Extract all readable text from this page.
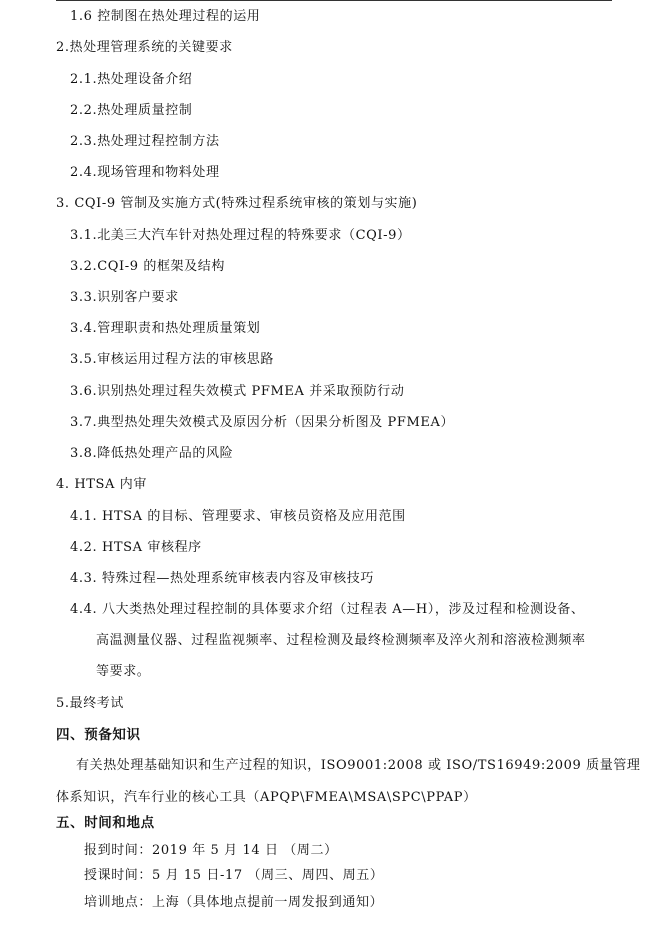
1.6 控制图在热处理过程的运用
2.热处理管理系统的关键要求
2.1.热处理设备介绍
2.2.热处理质量控制
2.3.热处理过程控制方法
2.4.现场管理和物料处理
3. CQI-9 管制及实施方式(特殊过程系统审核的策划与实施)
3.1.北美三大汽车针对热处理过程的特殊要求（CQI-9）
3.2.CQI-9 的框架及结构
3.3.识别客户要求
3.4.管理职责和热处理质量策划
3.5.审核运用过程方法的审核思路
3.6.识别热处理过程失效模式 PFMEA 并采取预防行动
3.7.典型热处理失效模式及原因分析（因果分析图及 PFMEA）
3.8.降低热处理产品的风险
4. HTSA 内审
4.1. HTSA 的目标、管理要求、审核员资格及应用范围
4.2. HTSA 审核程序
4.3. 特殊过程—热处理系统审核表内容及审核技巧
4.4. 八大类热处理过程控制的具体要求介绍（过程表 A—H），涉及过程和检测设备、
高温测量仪器、过程监视频率、过程检测及最终检测频率及淬火剂和溶液检测频率
等要求。
5.最终考试
四、预备知识
有关热处理基础知识和生产过程的知识，ISO9001:2008 或 ISO/TS16949:2009 质量管理
体系知识，汽车行业的核心工具（APQP\FMEA\MSA\SPC\PPAP）
五、时间和地点
报到时间：2019 年 5 月 14 日 （周二）
授课时间：5 月 15 日-17 （周三、周四、周五）
培训地点：上海（具体地点提前一周发报到通知）
